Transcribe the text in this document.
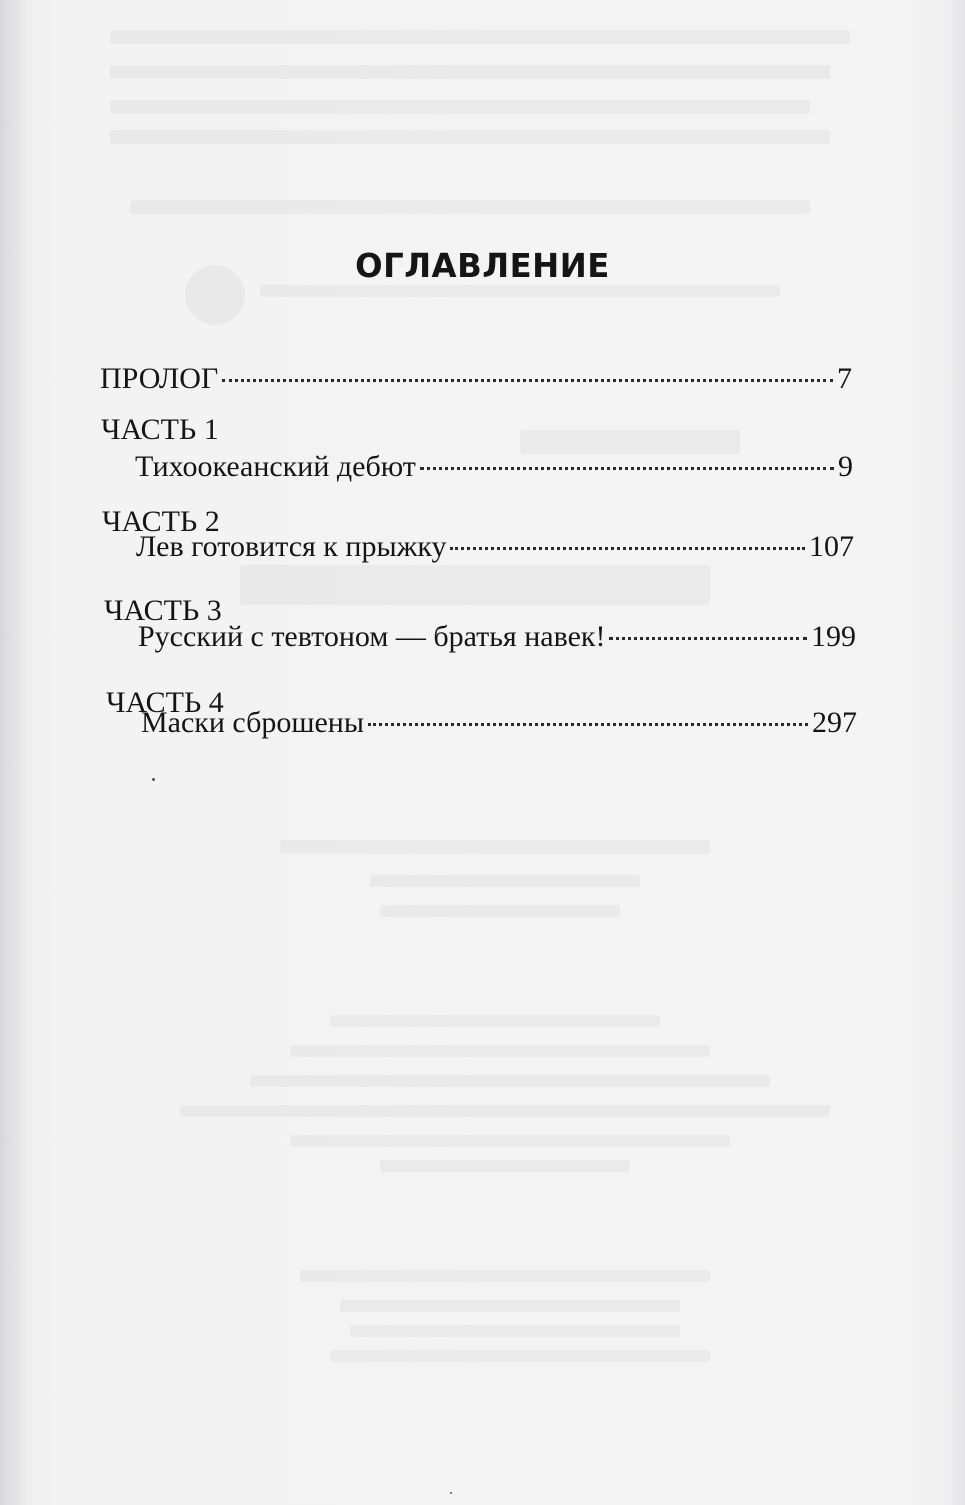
ОГЛАВЛЕНИЕ
ПРОЛОГ	7
ЧАСТЬ 1
Тихоокеанский дебют	9
ЧАСТЬ 2
Лев готовится к прыжку	107
ЧАСТЬ 3
Русский с тевтоном — братья навек!	199
ЧАСТЬ 4
Маски сброшены	297
